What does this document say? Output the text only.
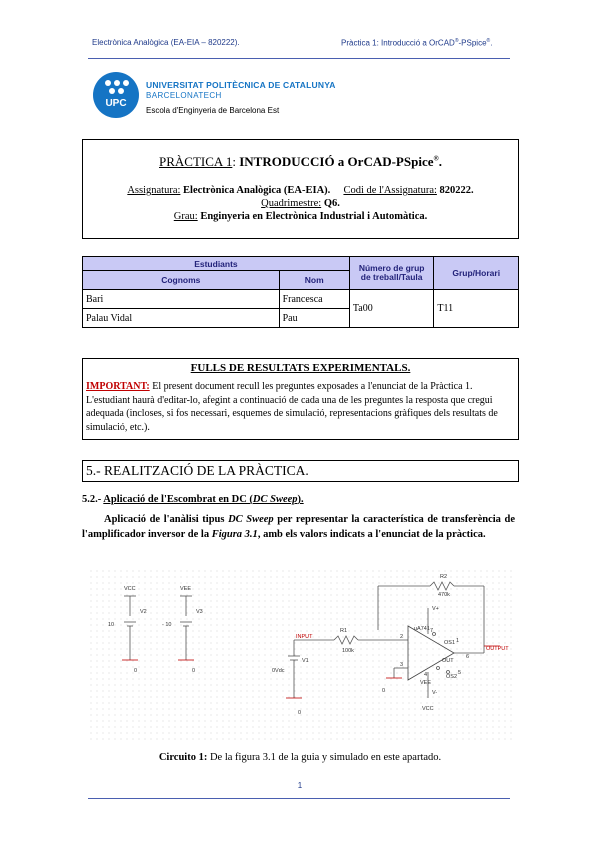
Electrònica Analògica (EA-EIA – 820222).	Pràctica 1: Introducció a OrCAD®-PSpice®.
UPC
UNIVERSITAT POLITÈCNICA DE CATALUNYA
BARCELONATECH
Escola d'Enginyeria de Barcelona Est
PRÀCTICA 1: INTRODUCCIÓ a OrCAD-PSpice®.
Assignatura: Electrònica Analògica (EA-EIA). Codi de l'Assignatura: 820222.
Quadrimestre: Q6.
Grau: Enginyeria en Electrònica Industrial i Automàtica.
Estudiants		Número de grup de treball/Taula	Grup/Horari
Cognoms	Nom		
Bari	Francesca	Ta00	T11
Palau Vidal	Pau		
FULLS DE RESULTATS EXPERIMENTALS.
IMPORTANT: El present document recull les preguntes exposades a l'enunciat de la Pràctica 1. L'estudiant haurà d'editar-lo, afegint a continuació de cada una de les preguntes la resposta que cregui adequada (incloses, si fos necessari, esquemes de simulació, representacions gràfiques dels resultats de simulació, etc.).
5.- REALITZACIÓ DE LA PRÀCTICA.
5.2.- Aplicació de l'Escombrat en DC (DC Sweep).
Aplicació de l'anàlisi tipus DC Sweep per representar la característica de transferència de l'amplificador inversor de la Figura 3.1, amb els valors indicats a l'enunciat de la pràctica.
VCC	VEE
V2	V3
10	- 10
0	0
R2
470k
R1
100k
INPUT
OUTPUT
uA741
V+
V-
V1
0Vdc
0
0
VEE
VCC
OS1
OS2
OUT
2
3
4
6
7
1
5
Circuito 1: De la figura 3.1 de la guia y simulado en este apartado.
1
